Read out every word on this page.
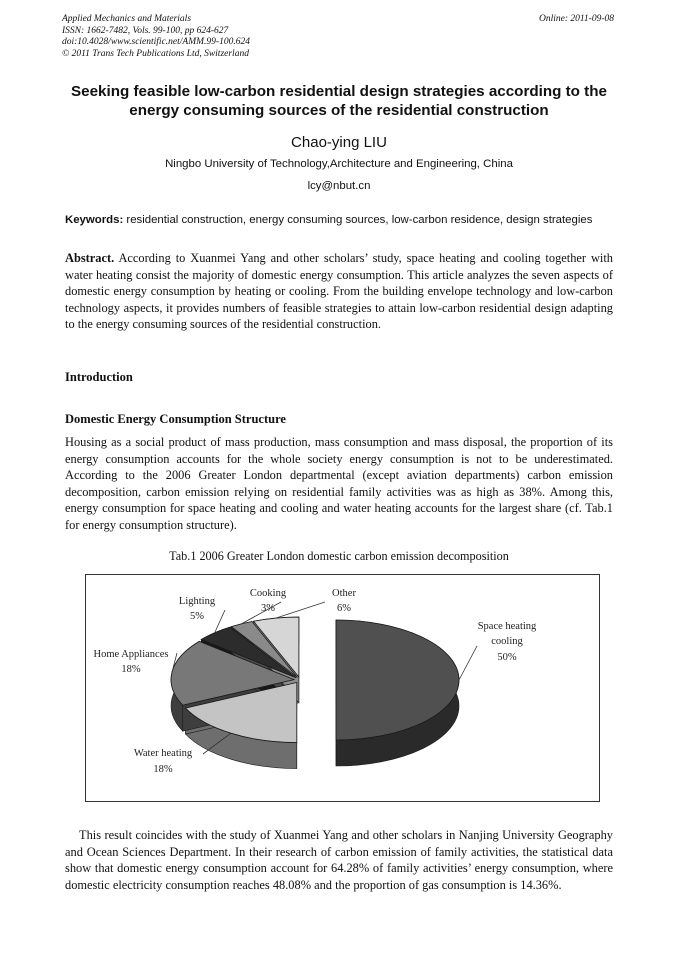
Applied Mechanics and Materials
ISSN: 1662-7482, Vols. 99-100, pp 624-627
doi:10.4028/www.scientific.net/AMM.99-100.624
© 2011 Trans Tech Publications Ltd, Switzerland
Online: 2011-09-08
Seeking feasible low-carbon residential design strategies according to the energy consuming sources of the residential construction
Chao-ying LIU
Ningbo University of Technology,Architecture and Engineering, China
lcy@nbut.cn
Keywords: residential construction, energy consuming sources, low-carbon residence, design strategies
Abstract. According to Xuanmei Yang and other scholars’ study, space heating and cooling together with water heating consist the majority of domestic energy consumption. This article analyzes the seven aspects of domestic energy consumption by heating or cooling. From the building envelope technology and low-carbon technology aspects, it provides numbers of feasible strategies to attain low-carbon residential design adapting to the energy consuming sources of the residential construction.
Introduction
Domestic Energy Consumption Structure
Housing as a social product of mass production, mass consumption and mass disposal, the proportion of its energy consumption accounts for the whole society energy consumption is not to be underestimated. According to the 2006 Greater London departmental (except aviation departments) carbon emission decomposition, carbon emission relying on residential family activities was as high as 38%. Among this, energy consumption for space heating and cooling and water heating accounts for the largest share (cf. Tab.1 for energy consumption structure).
Tab.1 2006 Greater London domestic carbon emission decomposition
Space heating
cooling
50%
Water heating
18%
Home Appliances
18%
Lighting
5%
Cooking
3%
Other
6%
This result coincides with the study of Xuanmei Yang and other scholars in Nanjing University Geography and Ocean Sciences Department. In their research of carbon emission of family activities, the statistical data show that domestic energy consumption account for 64.28% of family activities’ energy consumption, where domestic electricity consumption reaches 48.08% and the proportion of gas consumption is 14.36%.
